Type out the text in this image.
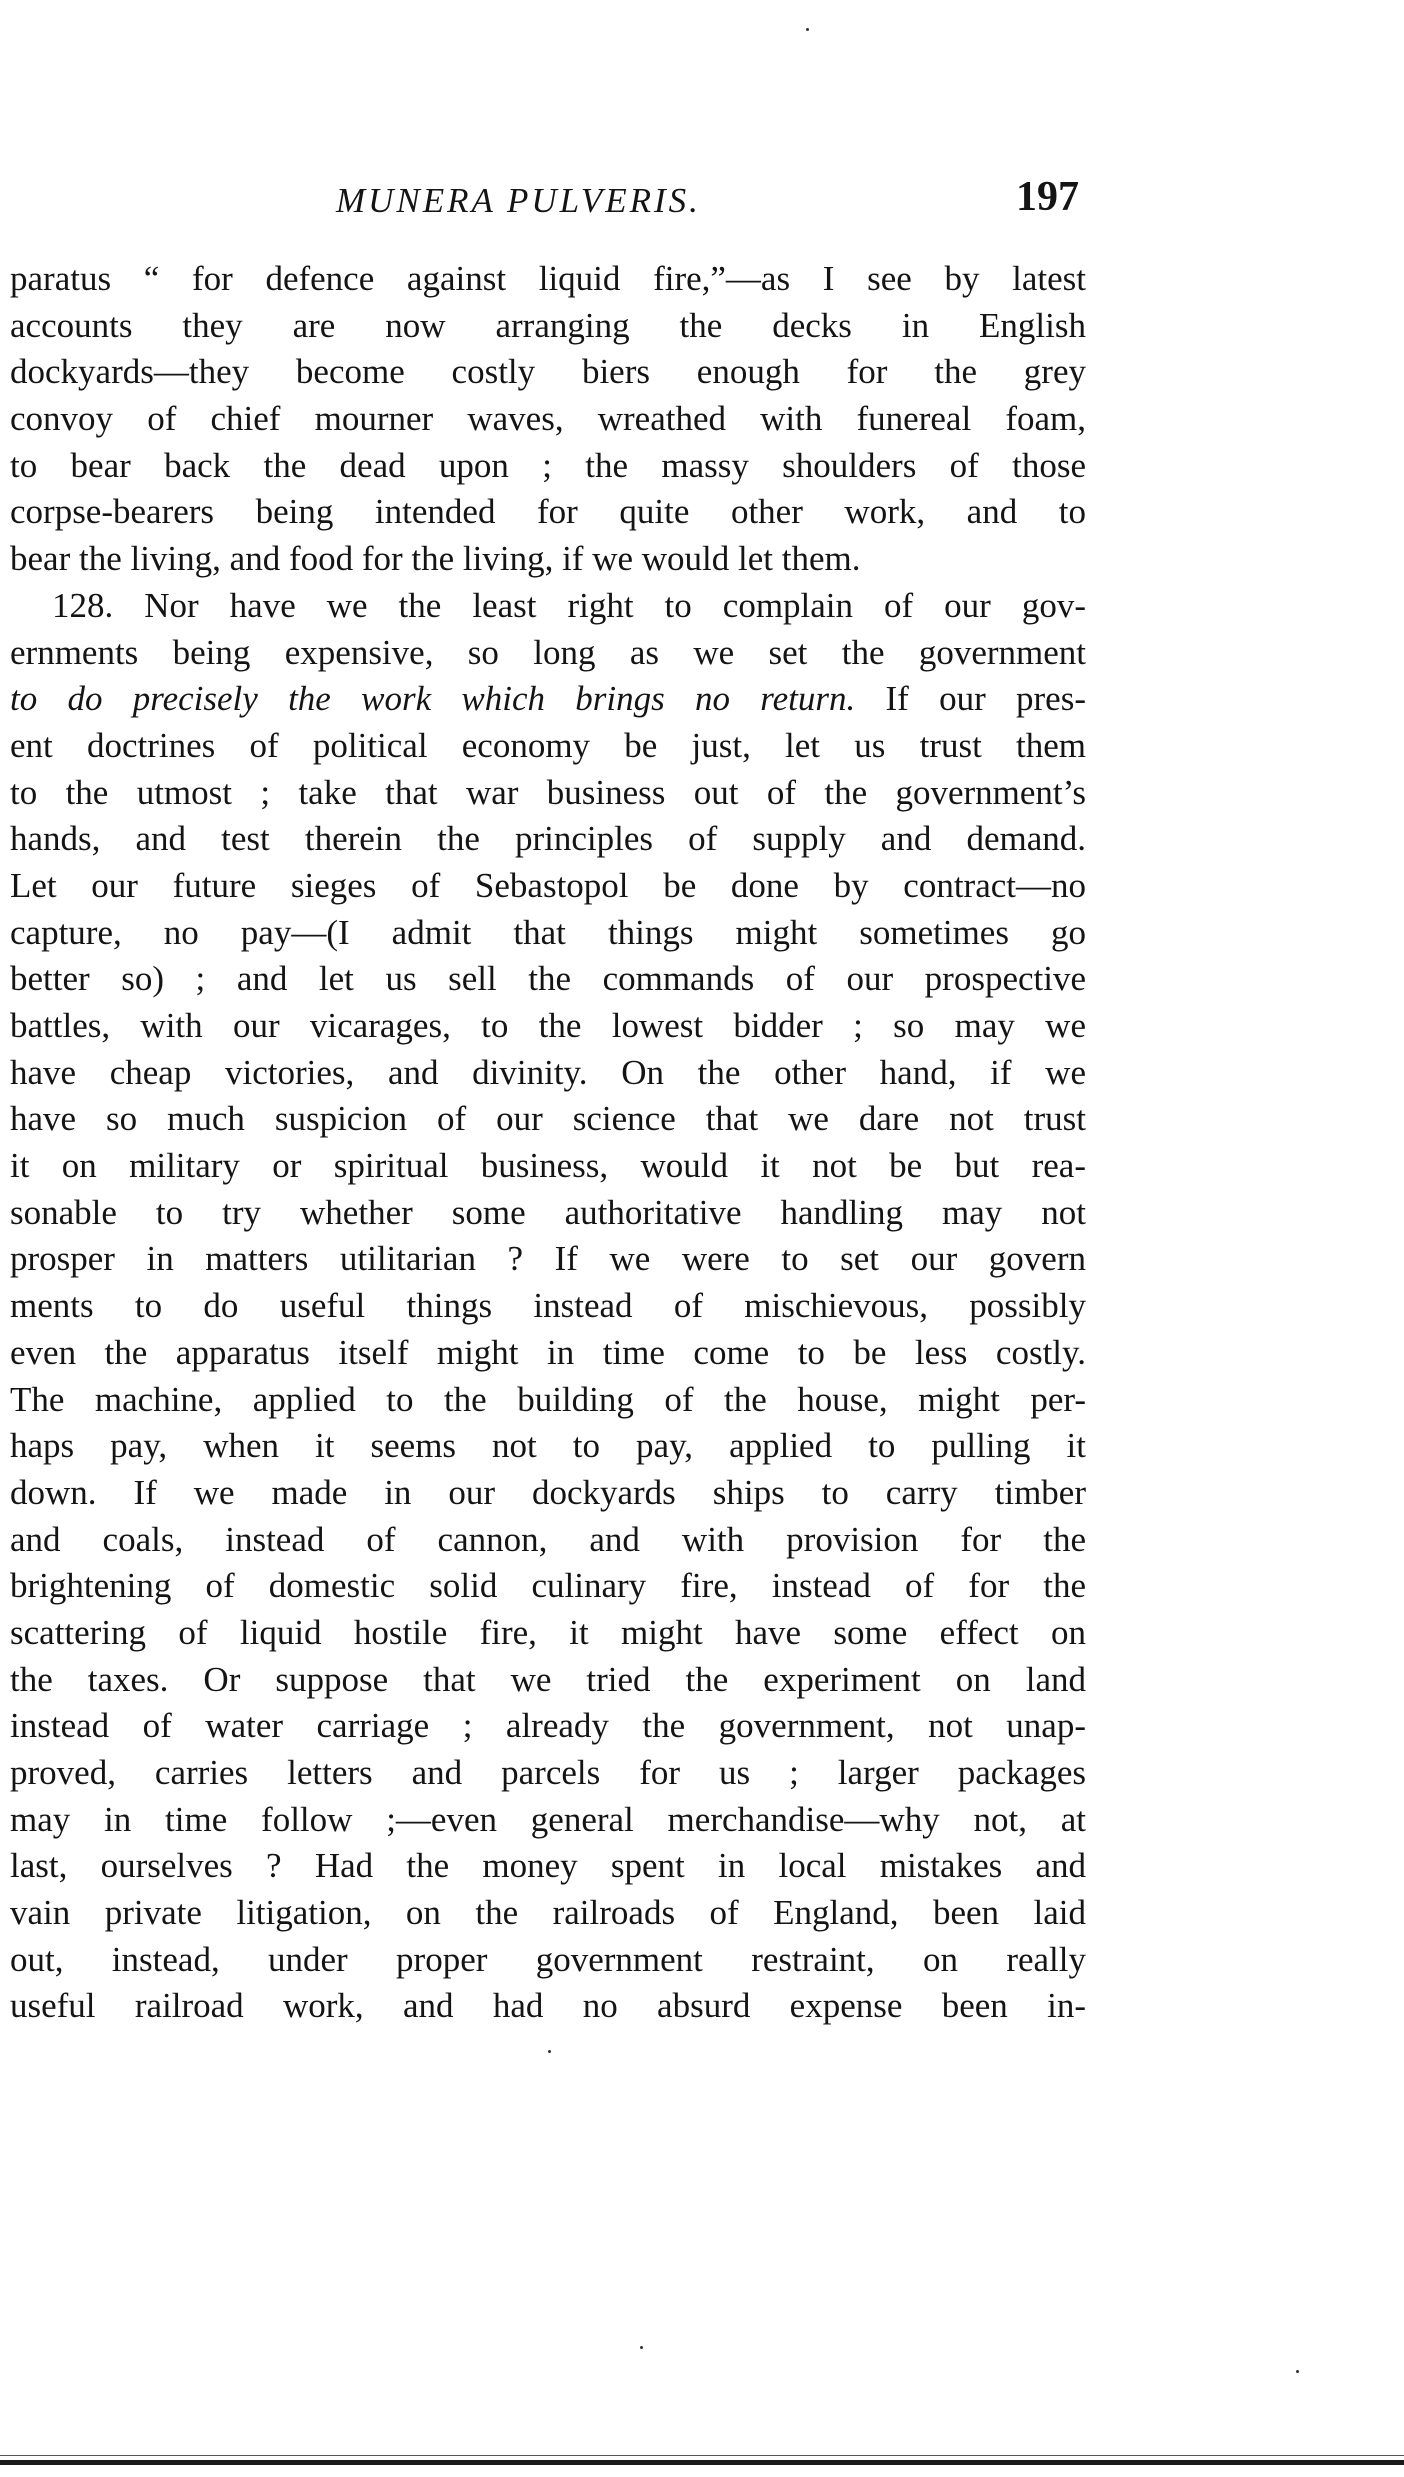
MUNERA PULVERIS.	197
paratus “ for defence against liquid fire,”—as I see by latest
accounts they are now arranging the decks in English
dockyards—they become costly biers enough for the grey
convoy of chief mourner waves, wreathed with funereal foam,
to bear back the dead upon ; the massy shoulders of those
corpse-bearers being intended for quite other work, and to
bear the living, and food for the living, if we would let them.
128. Nor have we the least right to complain of our gov-
ernments being expensive, so long as we set the government
to do precisely the work which brings no return. If our pres-
ent doctrines of political economy be just, let us trust them
to the utmost ; take that war business out of the government’s
hands, and test therein the principles of supply and demand.
Let our future sieges of Sebastopol be done by contract—no
capture, no pay—(I admit that things might sometimes go
better so) ; and let us sell the commands of our prospective
battles, with our vicarages, to the lowest bidder ; so may we
have cheap victories, and divinity. On the other hand, if we
have so much suspicion of our science that we dare not trust
it on military or spiritual business, would it not be but rea-
sonable to try whether some authoritative handling may not
prosper in matters utilitarian ? If we were to set our govern
ments to do useful things instead of mischievous, possibly
even the apparatus itself might in time come to be less costly.
The machine, applied to the building of the house, might per-
haps pay, when it seems not to pay, applied to pulling it
down. If we made in our dockyards ships to carry timber
and coals, instead of cannon, and with provision for the
brightening of domestic solid culinary fire, instead of for the
scattering of liquid hostile fire, it might have some effect on
the taxes. Or suppose that we tried the experiment on land
instead of water carriage ; already the government, not unap-
proved, carries letters and parcels for us ; larger packages
may in time follow ;—even general merchandise—why not, at
last, ourselves ? Had the money spent in local mistakes and
vain private litigation, on the railroads of England, been laid
out, instead, under proper government restraint, on really
useful railroad work, and had no absurd expense been in-
